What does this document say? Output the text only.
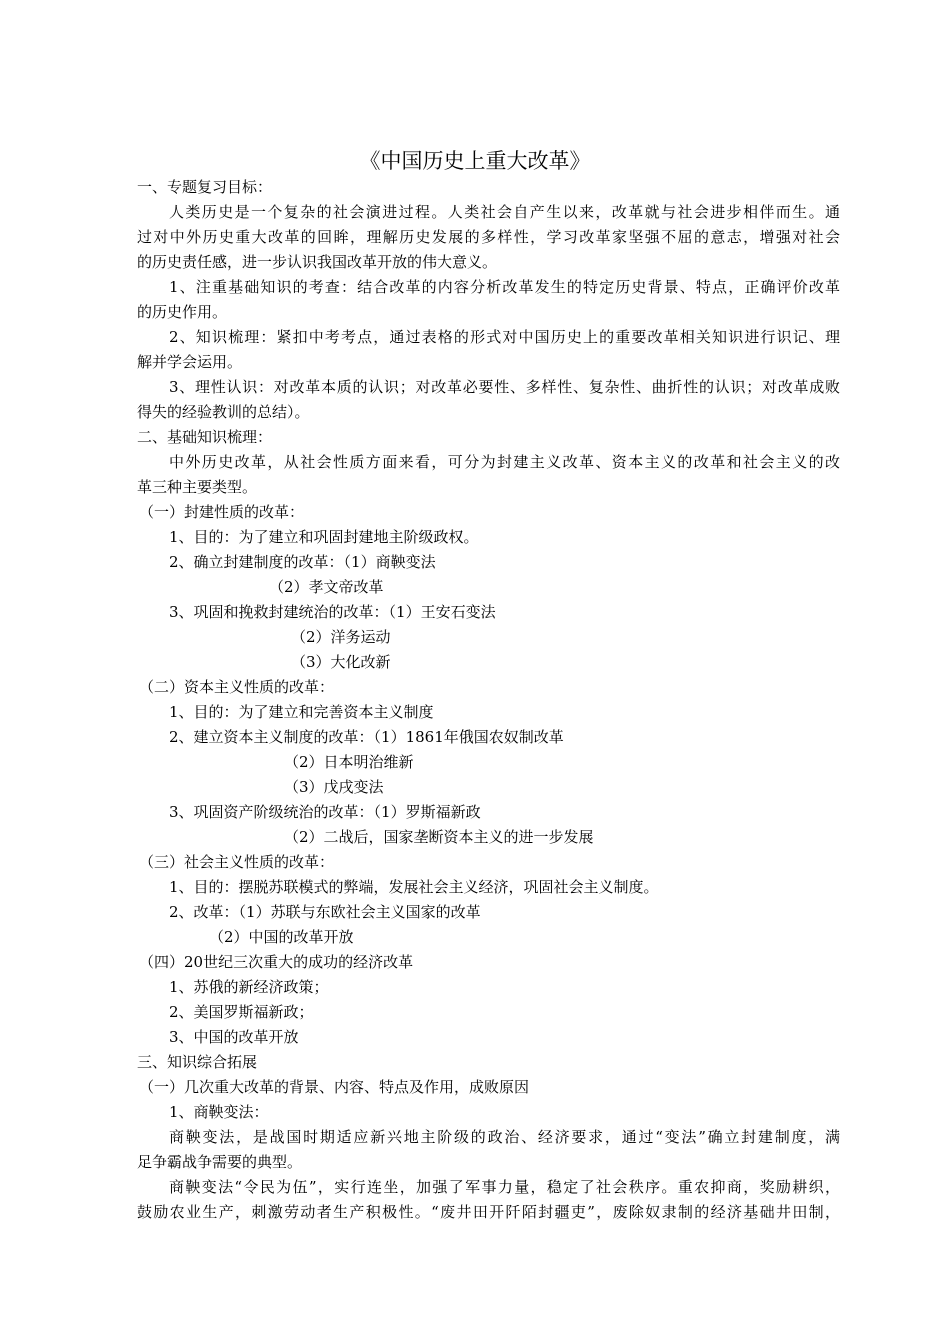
《中国历史上重大改革》
一、专题复习目标：
人类历史是一个复杂的社会演进过程。人类社会自产生以来，改革就与社会进步相伴而生。通
过对中外历史重大改革的回眸，理解历史发展的多样性，学习改革家坚强不屈的意志，增强对社会
的历史责任感，进一步认识我国改革开放的伟大意义。
1、注重基础知识的考查：结合改革的内容分析改革发生的特定历史背景、特点，正确评价改革
的历史作用。
2、知识梳理：紧扣中考考点，通过表格的形式对中国历史上的重要改革相关知识进行识记、理
解并学会运用。
3、理性认识：对改革本质的认识；对改革必要性、多样性、复杂性、曲折性的认识；对改革成败
得失的经验教训的总结）。
二、基础知识梳理：
中外历史改革，从社会性质方面来看，可分为封建主义改革、资本主义的改革和社会主义的改
革三种主要类型。
（一）封建性质的改革：
1、目的：为了建立和巩固封建地主阶级政权。
2、确立封建制度的改革：（1）商鞅变法
（2）孝文帝改革
3、巩固和挽救封建统治的改革：（1）王安石变法
（2）洋务运动
（3）大化改新
（二）资本主义性质的改革：
1、目的：为了建立和完善资本主义制度
2、建立资本主义制度的改革：（1）1861年俄国农奴制改革
（2）日本明治维新
（3）戊戌变法
3、巩固资产阶级统治的改革：（1）罗斯福新政
（2）二战后，国家垄断资本主义的进一步发展
（三）社会主义性质的改革：
1、目的：摆脱苏联模式的弊端，发展社会主义经济，巩固社会主义制度。
2、改革：（1）苏联与东欧社会主义国家的改革
（2）中国的改革开放
（四）20世纪三次重大的成功的经济改革
1、苏俄的新经济政策；
2、美国罗斯福新政；
3、中国的改革开放
三、知识综合拓展
（一）几次重大改革的背景、内容、特点及作用，成败原因
1、商鞅变法：
商鞅变法，是战国时期适应新兴地主阶级的政治、经济要求，通过“变法”确立封建制度，满
足争霸战争需要的典型。
商鞅变法“令民为伍”，实行连坐，加强了军事力量，稳定了社会秩序。重农抑商，奖励耕织，
鼓励农业生产，刺激劳动者生产积极性。“废井田开阡陌封疆吏”，废除奴隶制的经济基础井田制，
